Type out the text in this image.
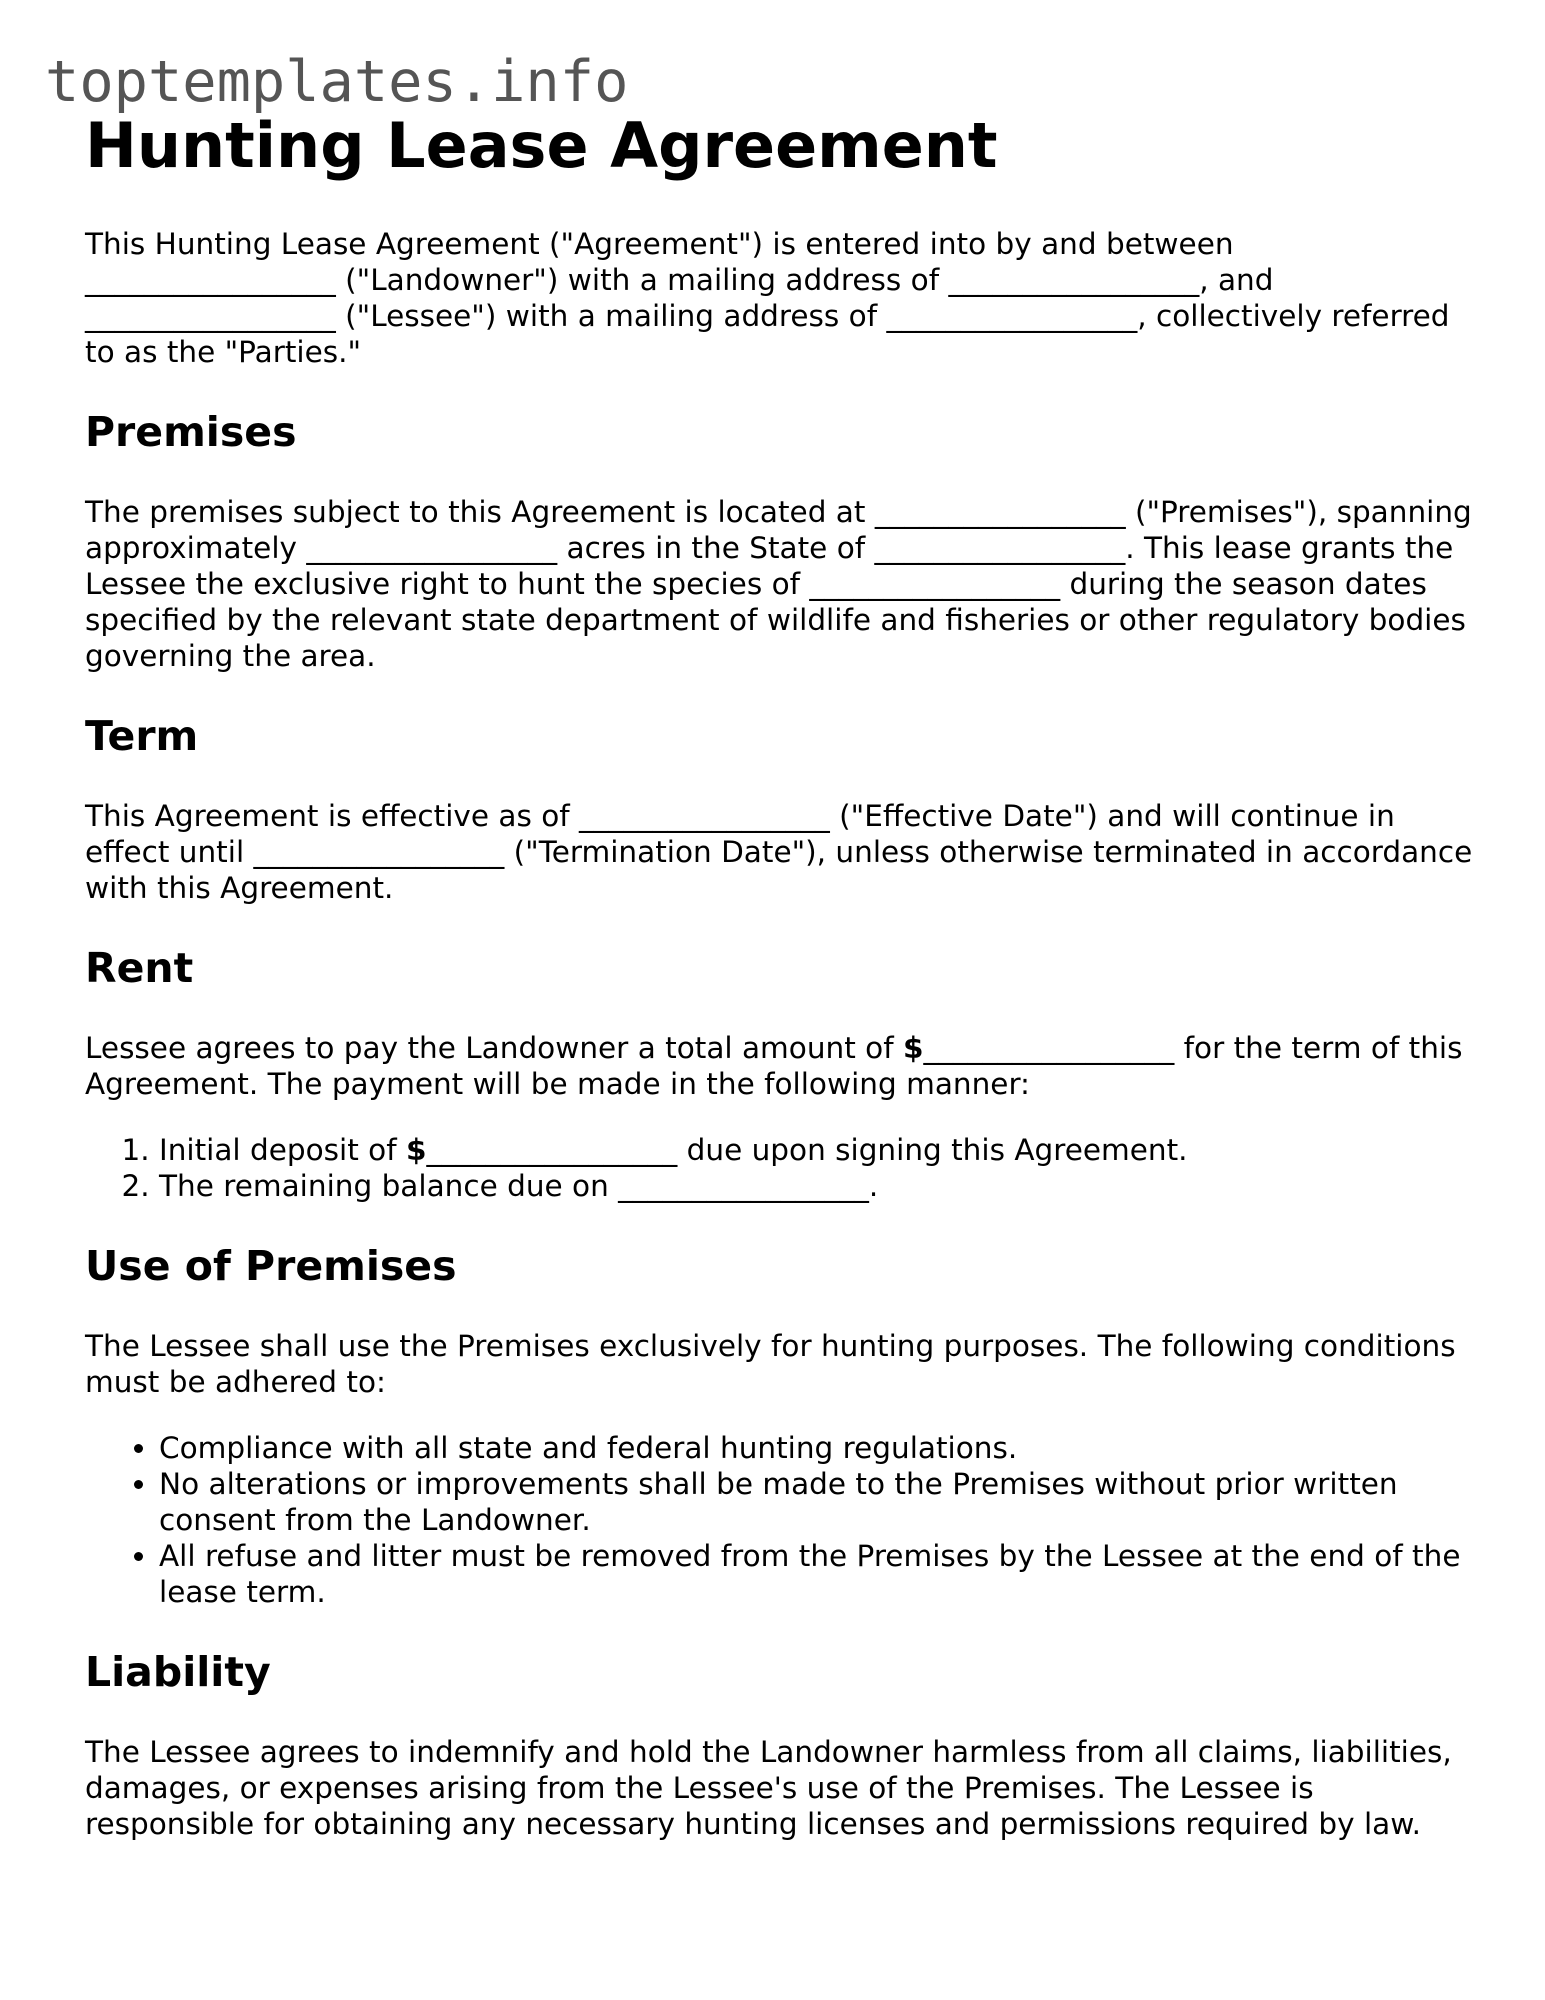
toptemplates.info
Hunting Lease Agreement

This Hunting Lease Agreement ("Agreement") is entered into by and between _________________ ("Landowner") with a mailing address of _________________, and _________________ ("Lessee") with a mailing address of _________________, collectively referred to as the "Parties."

Premises

The premises subject to this Agreement is located at _________________ ("Premises"), spanning approximately _________________ acres in the State of _________________. This lease grants the Lessee the exclusive right to hunt the species of _________________ during the season dates specified by the relevant state department of wildlife and fisheries or other regulatory bodies governing the area.

Term

This Agreement is effective as of _________________ ("Effective Date") and will continue in effect until _________________ ("Termination Date"), unless otherwise terminated in accordance with this Agreement.

Rent

Lessee agrees to pay the Landowner a total amount of $_________________ for the term of this Agreement. The payment will be made in the following manner:

1. Initial deposit of $_________________ due upon signing this Agreement.
2. The remaining balance due on _________________.
Use of Premises

The Lessee shall use the Premises exclusively for hunting purposes. The following conditions must be adhered to:

• Compliance with all state and federal hunting regulations.
• No alterations or improvements shall be made to the Premises without prior written consent from the Landowner.
• All refuse and litter must be removed from the Premises by the Lessee at the end of the lease term.
Liability

The Lessee agrees to indemnify and hold the Landowner harmless from all claims, liabilities, damages, or expenses arising from the Lessee's use of the Premises. The Lessee is responsible for obtaining any necessary hunting licenses and permissions required by law.
